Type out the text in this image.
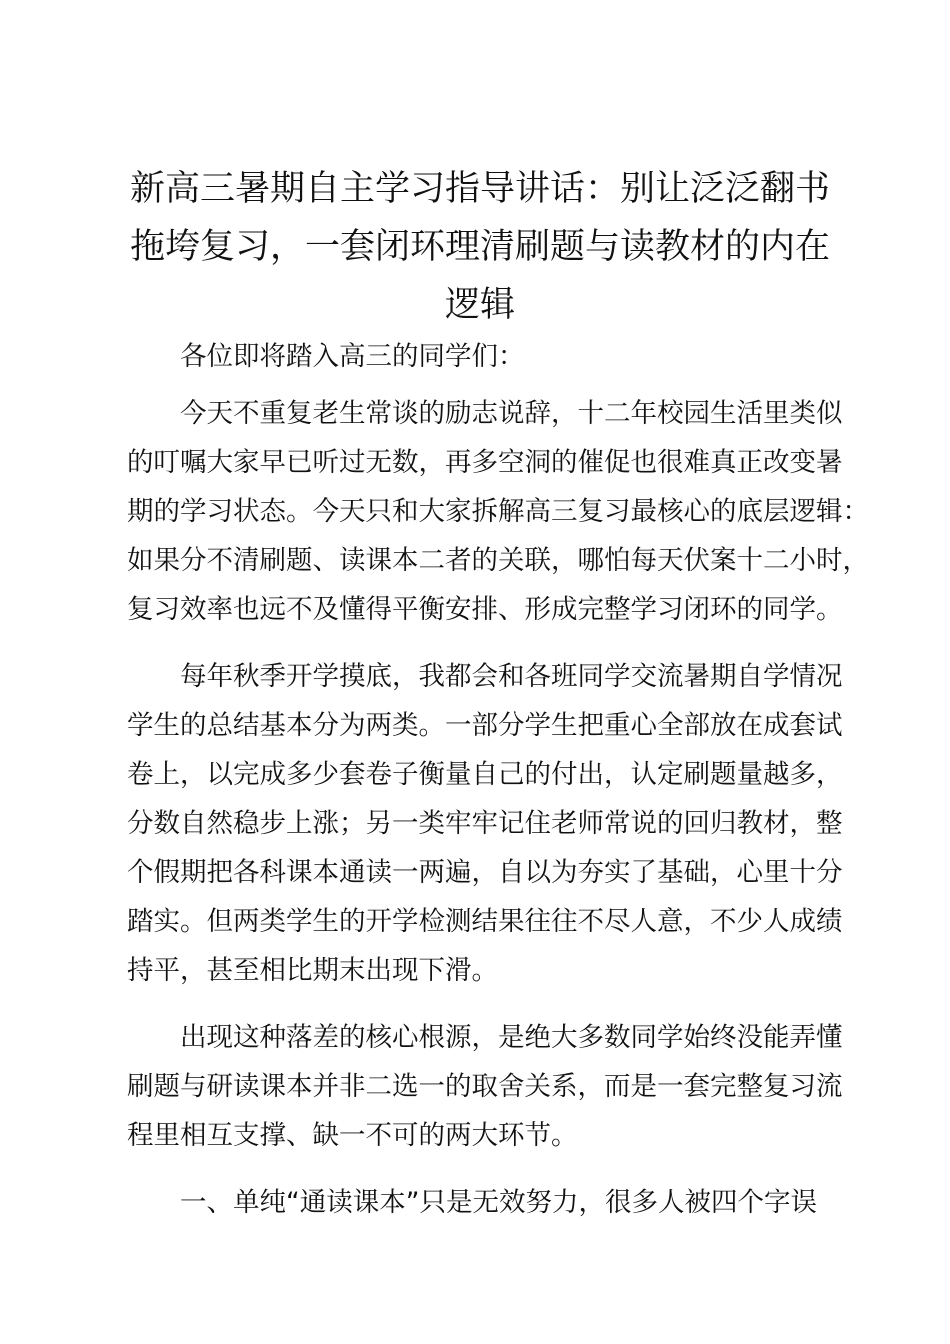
新高三暑期自主学习指导讲话：别让泛泛翻书
拖垮复习，一套闭环理清刷题与读教材的内在
逻辑
各位即将踏入高三的同学们：
今天不重复老生常谈的励志说辞，十二年校园生活里类似
的叮嘱大家早已听过无数，再多空洞的催促也很难真正改变暑
期的学习状态。今天只和大家拆解高三复习最核心的底层逻辑：
如果分不清刷题、读课本二者的关联，哪怕每天伏案十二小时，
复习效率也远不及懂得平衡安排、形成完整学习闭环的同学。
每年秋季开学摸底，我都会和各班同学交流暑期自学情况
学生的总结基本分为两类。一部分学生把重心全部放在成套试
卷上，以完成多少套卷子衡量自己的付出，认定刷题量越多，
分数自然稳步上涨；另一类牢牢记住老师常说的回归教材，整
个假期把各科课本通读一两遍，自以为夯实了基础，心里十分
踏实。但两类学生的开学检测结果往往不尽人意，不少人成绩
持平，甚至相比期末出现下滑。
出现这种落差的核心根源，是绝大多数同学始终没能弄懂
刷题与研读课本并非二选一的取舍关系，而是一套完整复习流
程里相互支撑、缺一不可的两大环节。
一、单纯“通读课本”只是无效努力，很多人被四个字误
